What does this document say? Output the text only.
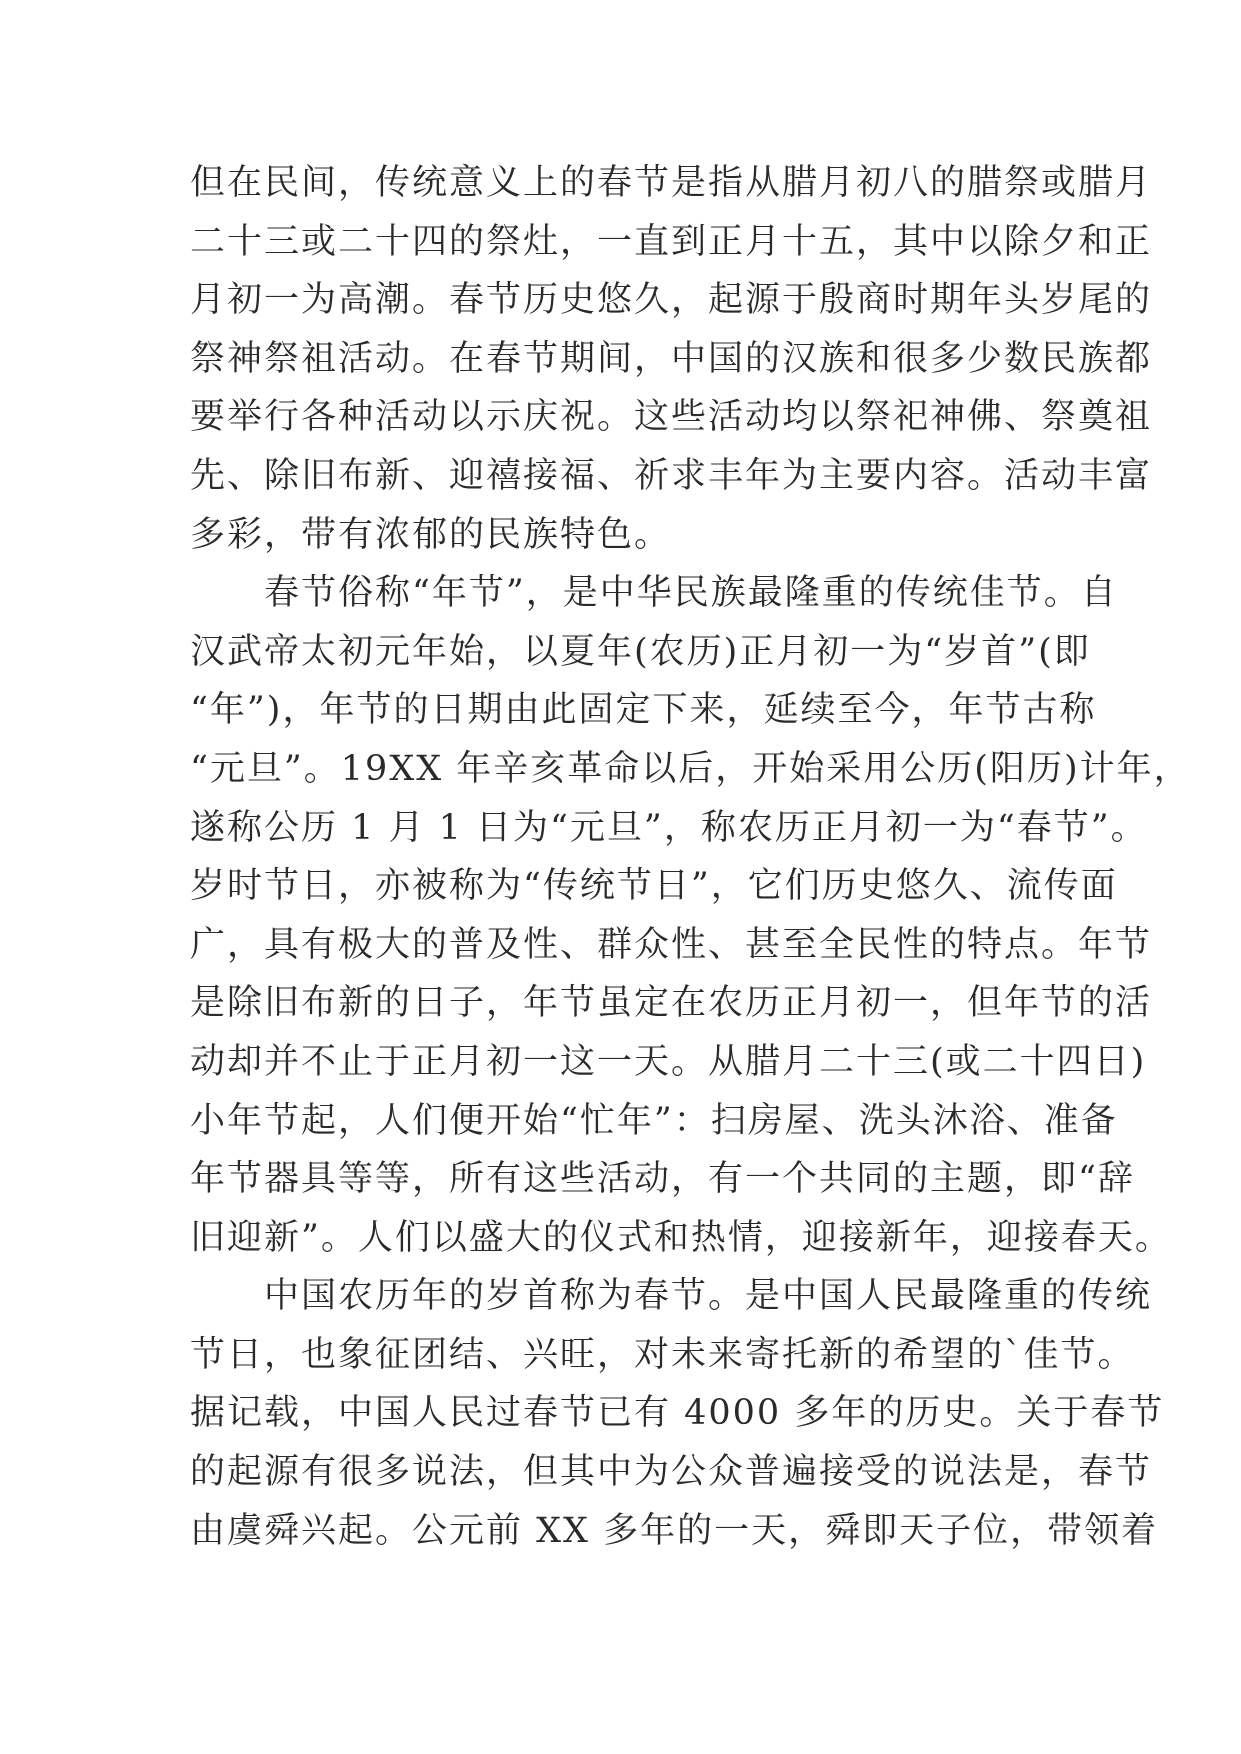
但在民间，传统意义上的春节是指从腊月初八的腊祭或腊月
二十三或二十四的祭灶，一直到正月十五，其中以除夕和正
月初一为高潮。春节历史悠久，起源于殷商时期年头岁尾的
祭神祭祖活动。在春节期间，中国的汉族和很多少数民族都
要举行各种活动以示庆祝。这些活动均以祭祀神佛、祭奠祖
先、除旧布新、迎禧接福、祈求丰年为主要内容。活动丰富
多彩，带有浓郁的民族特色。
　　春节俗称“年节”，是中华民族最隆重的传统佳节。自
汉武帝太初元年始，以夏年(农历)正月初一为“岁首”(即
“年”)，年节的日期由此固定下来，延续至今，年节古称
“元旦”。19XX 年辛亥革命以后，开始采用公历(阳历)计年，
遂称公历 1 月 1 日为“元旦”，称农历正月初一为“春节”。
岁时节日，亦被称为“传统节日”，它们历史悠久、流传面
广，具有极大的普及性、群众性、甚至全民性的特点。年节
是除旧布新的日子，年节虽定在农历正月初一，但年节的活
动却并不止于正月初一这一天。从腊月二十三(或二十四日)
小年节起，人们便开始“忙年”：扫房屋、洗头沐浴、准备
年节器具等等，所有这些活动，有一个共同的主题，即“辞
旧迎新”。人们以盛大的仪式和热情，迎接新年，迎接春天。
　　中国农历年的岁首称为春节。是中国人民最隆重的传统
节日，也象征团结、兴旺，对未来寄托新的希望的`佳节。
据记载，中国人民过春节已有 4000 多年的历史。关于春节
的起源有很多说法，但其中为公众普遍接受的说法是，春节
由虞舜兴起。公元前 XX 多年的一天，舜即天子位，带领着
